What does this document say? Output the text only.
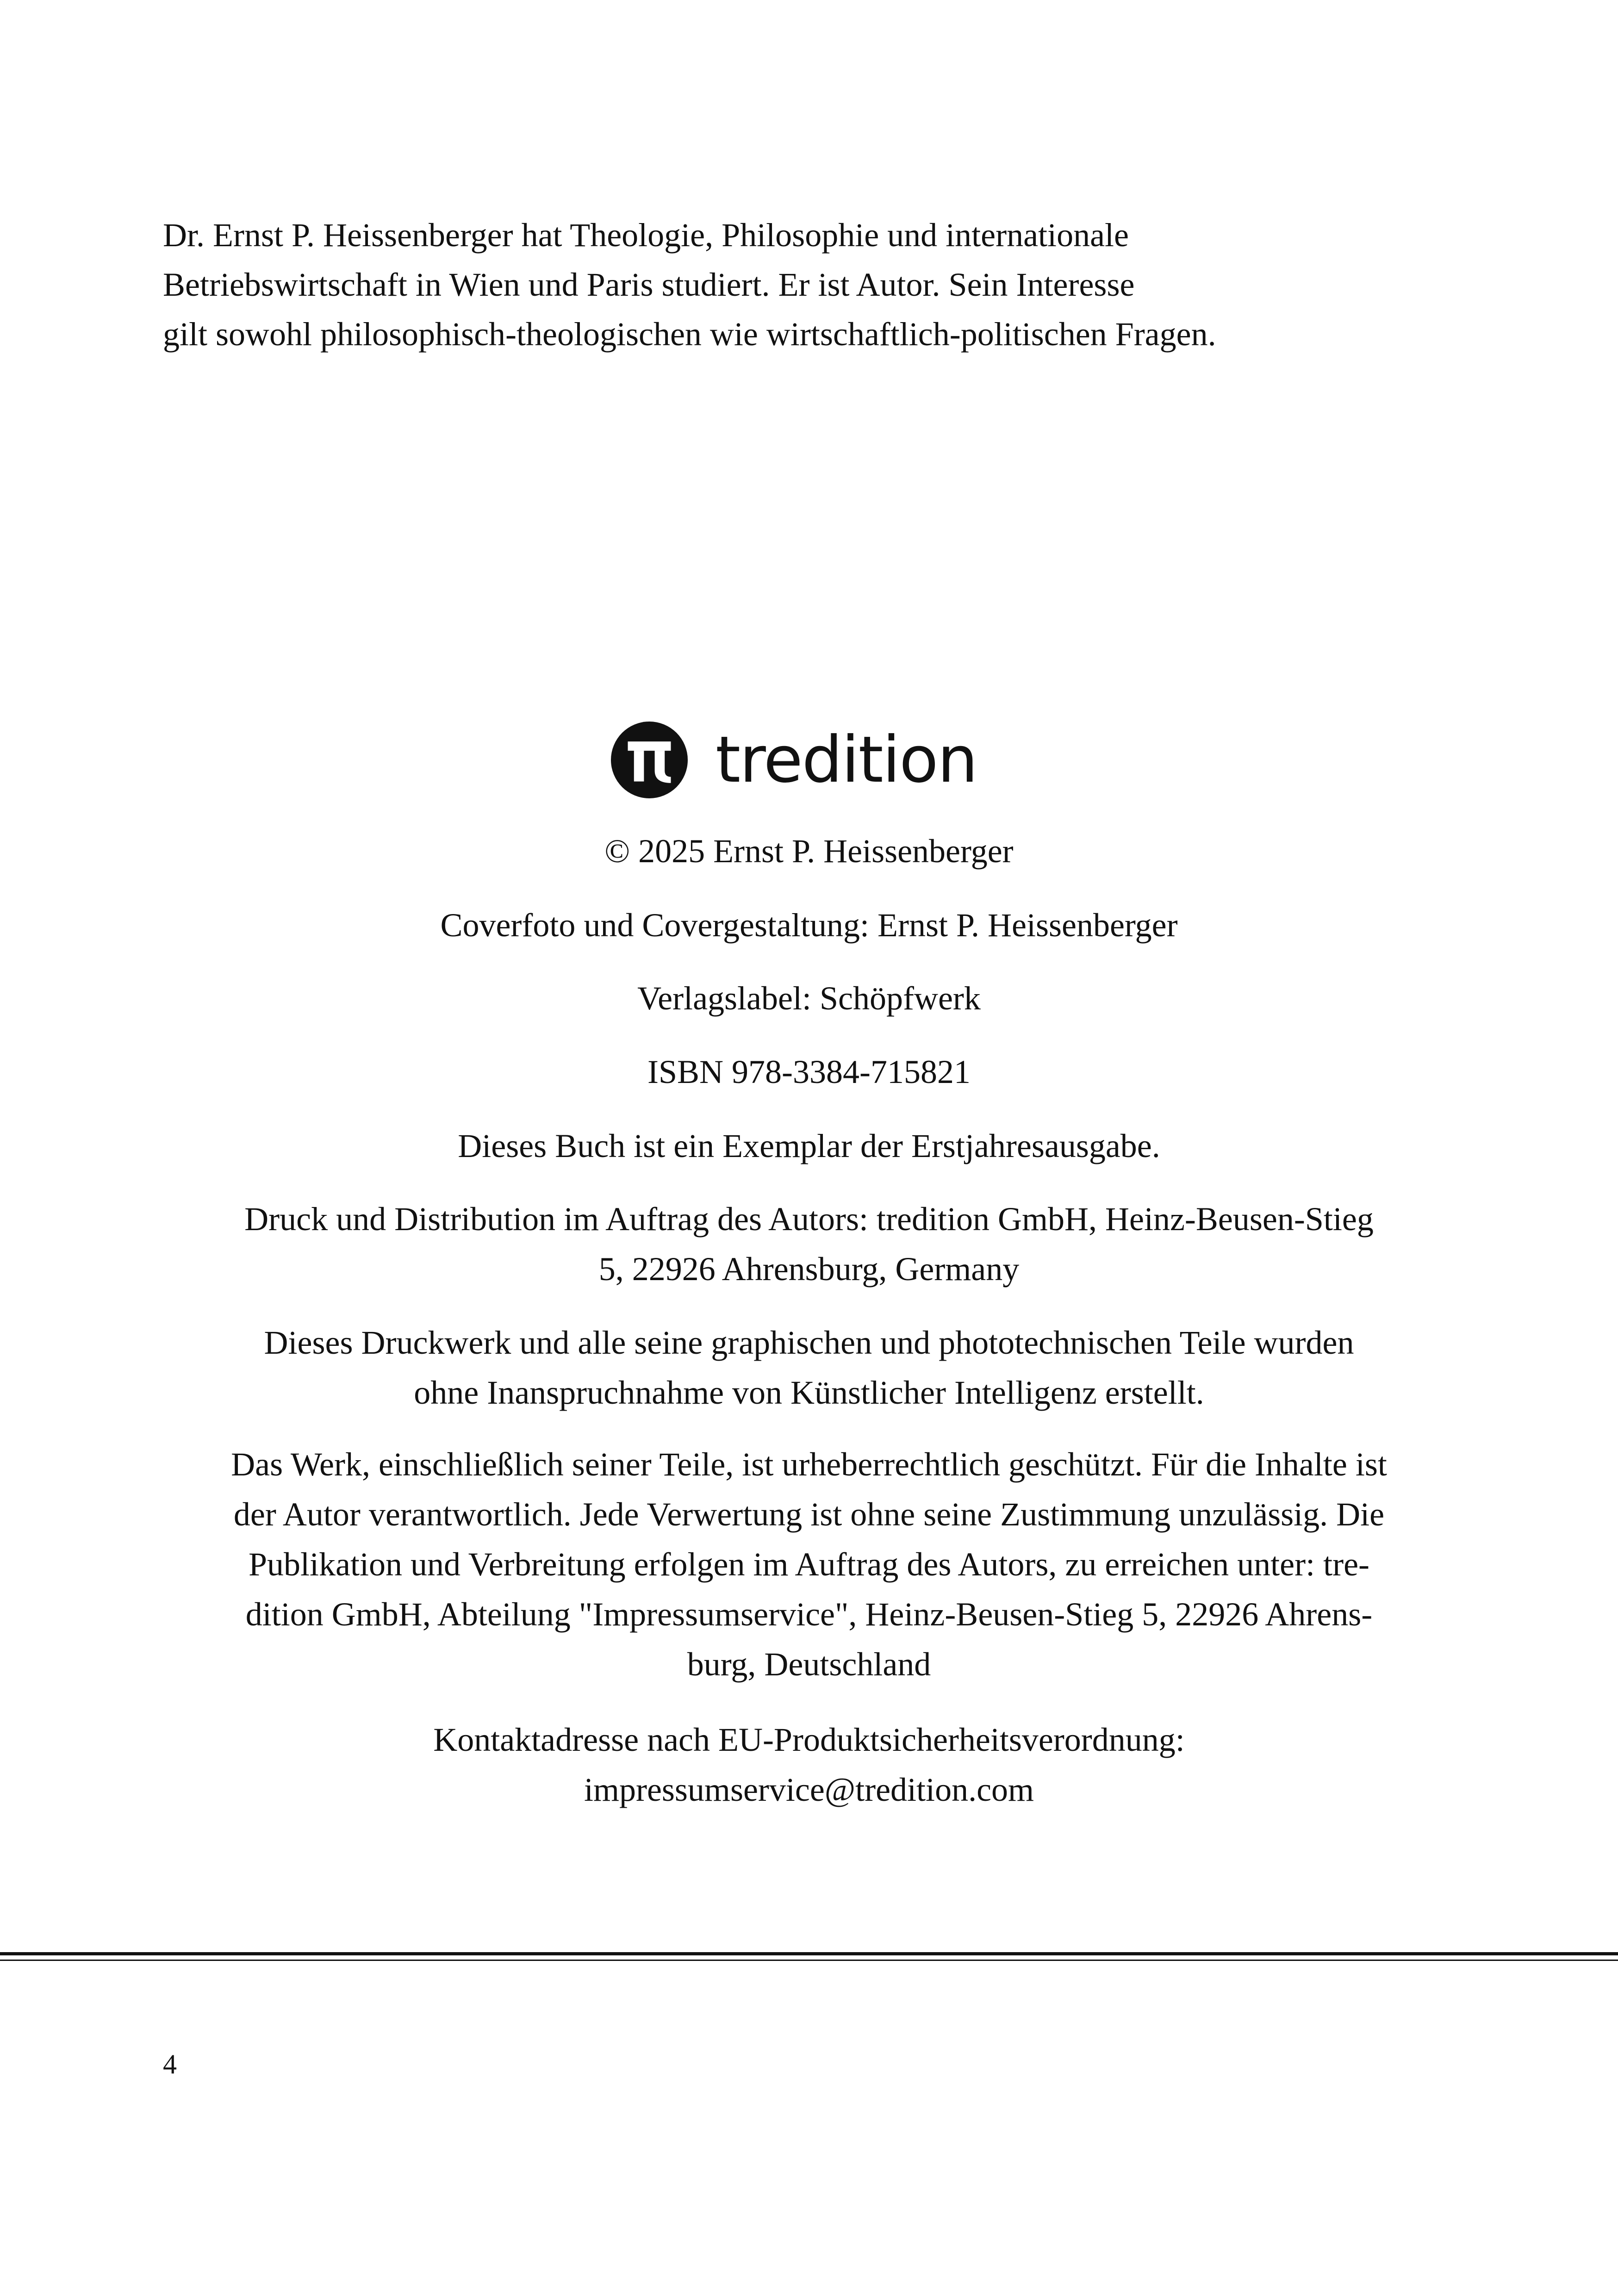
Dr. Ernst P. Heissenberger hat Theologie, Philosophie und internationale
Betriebswirtschaft in Wien und Paris studiert. Er ist Autor. Sein Interesse
gilt sowohl philosophisch-theologischen wie wirtschaftlich-politischen Fragen.

tredition

© 2025 Ernst P. Heissenberger

Coverfoto und Covergestaltung: Ernst P. Heissenberger

Verlagslabel: Schöpfwerk

ISBN 978-3384-715821

Dieses Buch ist ein Exemplar der Erstjahresausgabe.

Druck und Distribution im Auftrag des Autors: tredition GmbH, Heinz-Beusen-Stieg
5, 22926 Ahrensburg, Germany

Dieses Druckwerk und alle seine graphischen und phototechnischen Teile wurden
ohne Inanspruchnahme von Künstlicher Intelligenz erstellt.

Das Werk, einschließlich seiner Teile, ist urheberrechtlich geschützt. Für die Inhalte ist
der Autor verantwortlich. Jede Verwertung ist ohne seine Zustimmung unzulässig. Die
Publikation und Verbreitung erfolgen im Auftrag des Autors, zu erreichen unter: tre-
dition GmbH, Abteilung "Impressumservice", Heinz-Beusen-Stieg 5, 22926 Ahrens-
burg, Deutschland

Kontaktadresse nach EU-Produktsicherheitsverordnung:
impressumservice@tredition.com

4
